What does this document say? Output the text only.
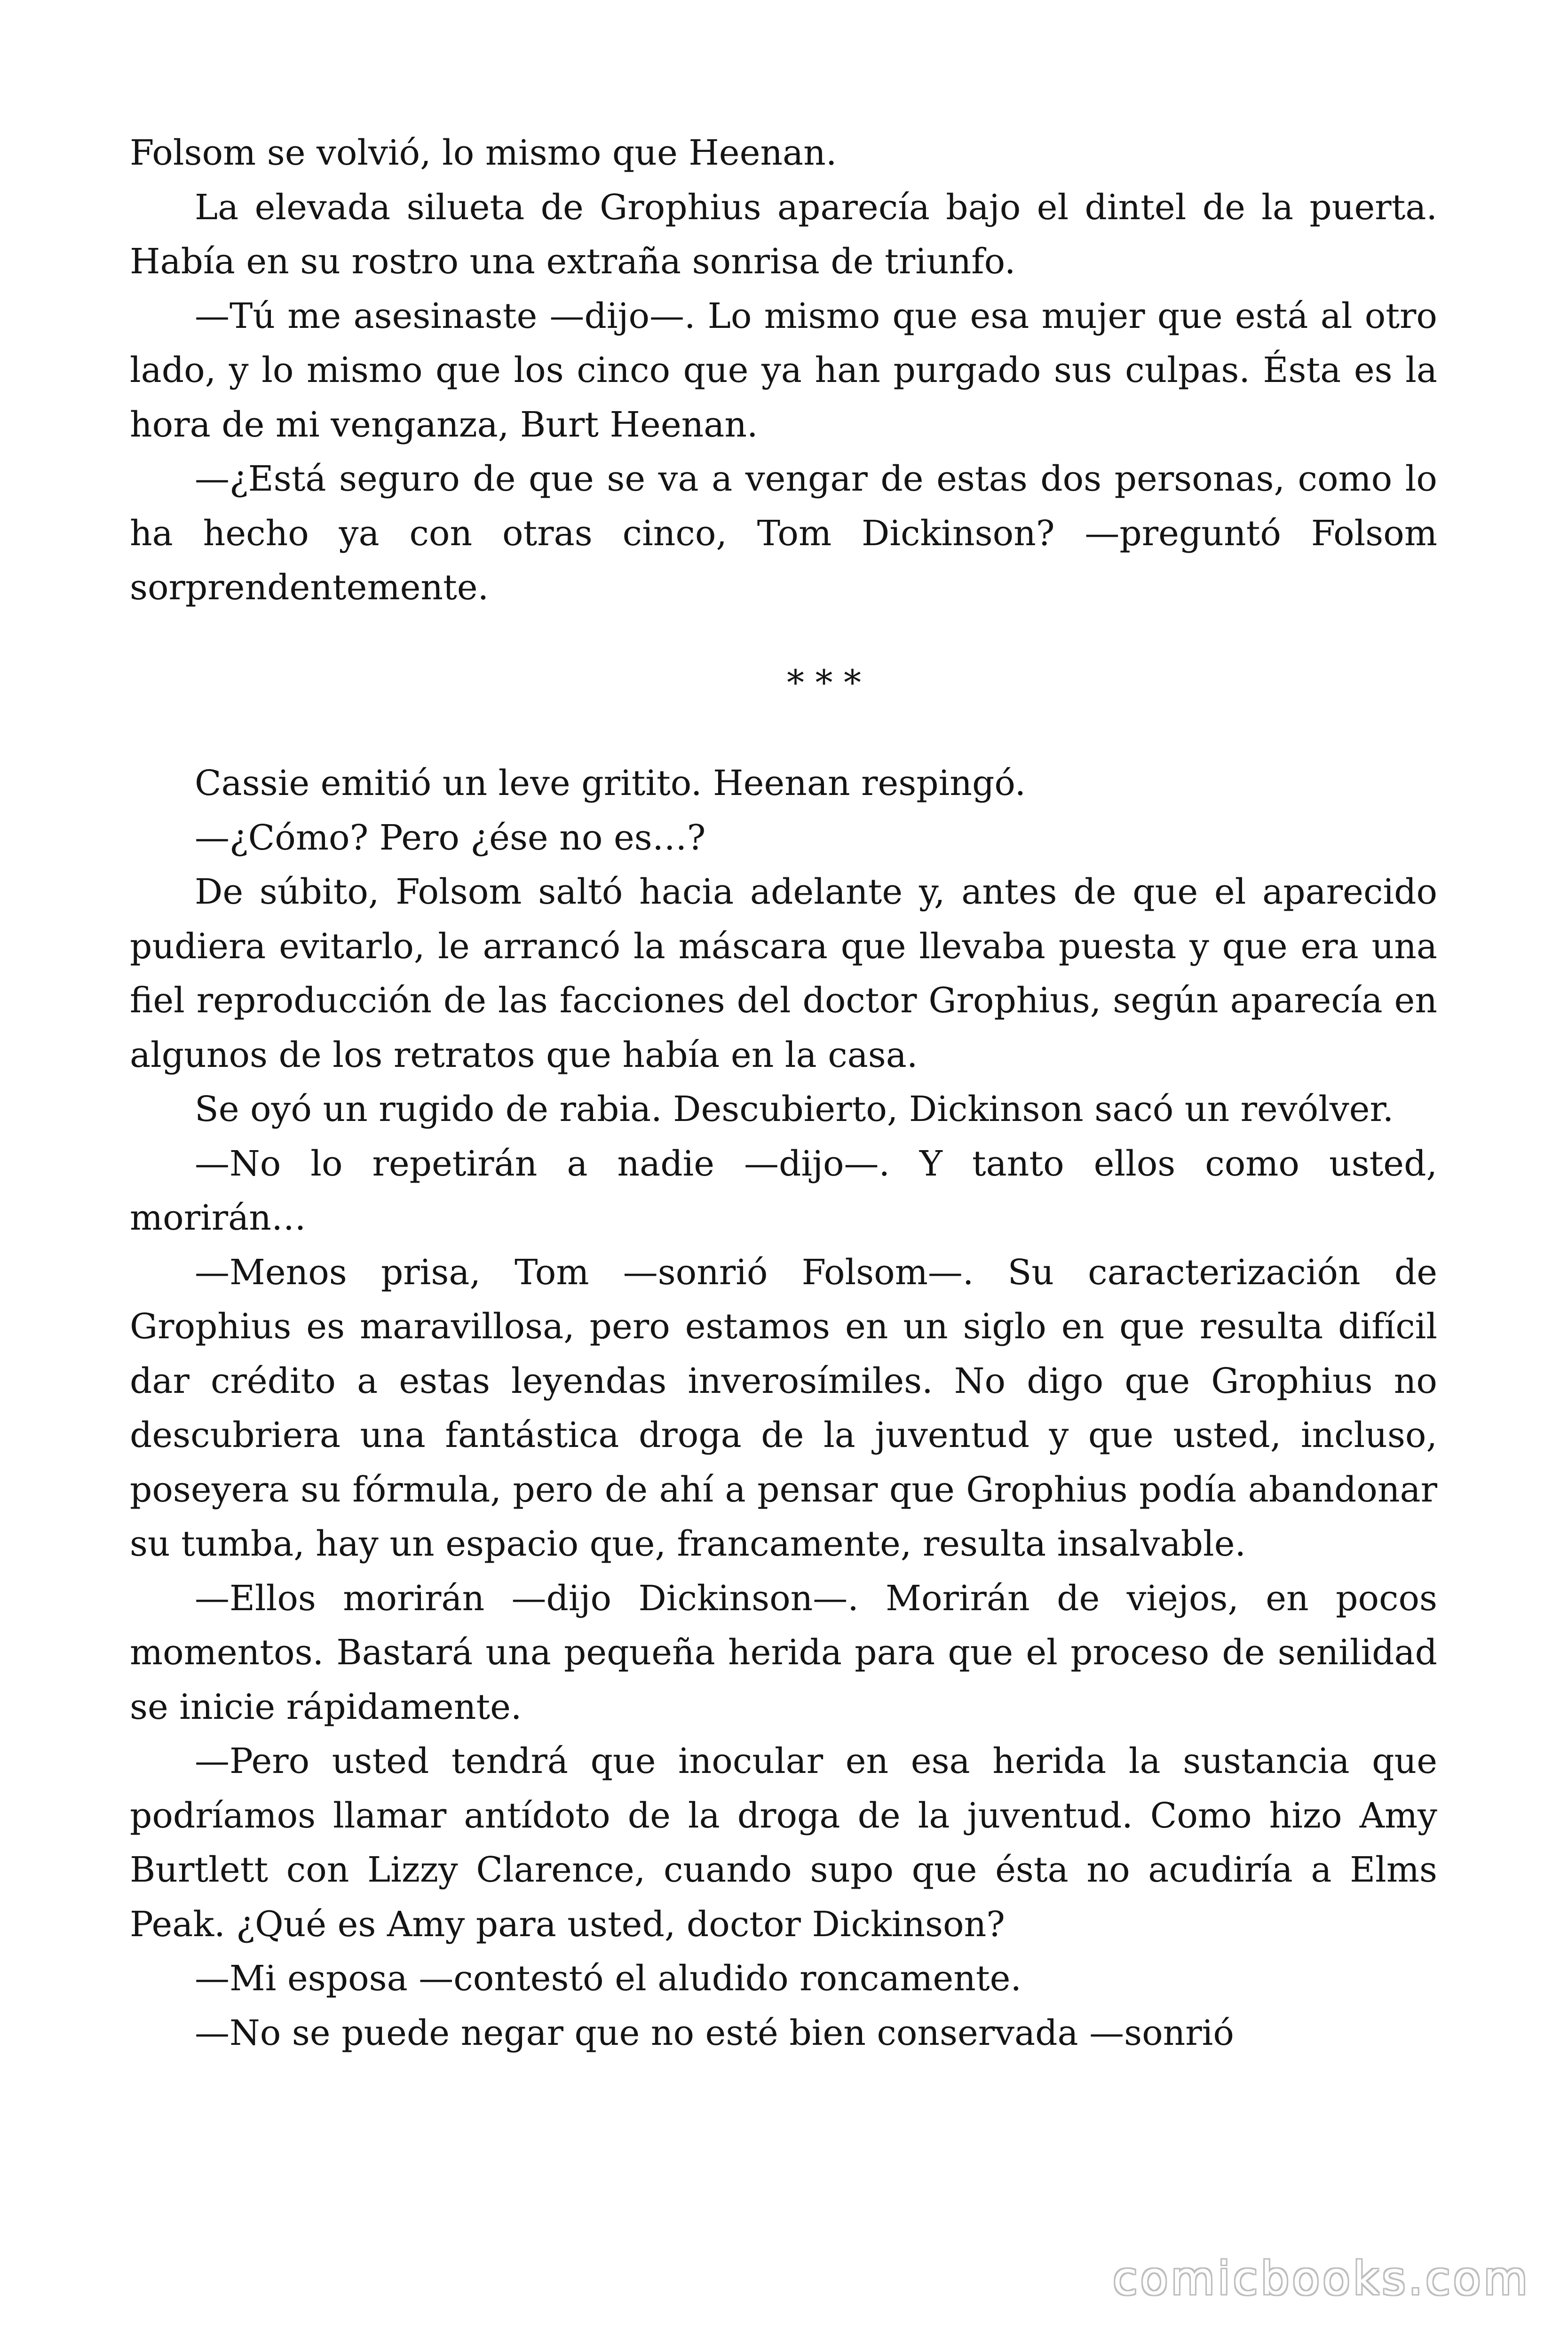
Folsom se volvió, lo mismo que Heenan.

La elevada silueta de Grophius aparecía bajo el dintel de la puerta. Había en su rostro una extraña sonrisa de triunfo.

—Tú me asesinaste —dijo—. Lo mismo que esa mujer que está al otro lado, y lo mismo que los cinco que ya han purgado sus culpas. Ésta es la hora de mi venganza, Burt Heenan.

—¿Está seguro de que se va a vengar de estas dos personas, como lo ha hecho ya con otras cinco, Tom Dickinson? —preguntó Folsom sorprendentemente.

* * *

Cassie emitió un leve gritito. Heenan respingó.

—¿Cómo? Pero ¿ése no es…?

De súbito, Folsom saltó hacia adelante y, antes de que el aparecido pudiera evitarlo, le arrancó la máscara que llevaba puesta y que era una fiel reproducción de las facciones del doctor Grophius, según aparecía en algunos de los retratos que había en la casa.

Se oyó un rugido de rabia. Descubierto, Dickinson sacó un revólver.

—No lo repetirán a nadie —dijo—. Y tanto ellos como usted, morirán…

—Menos prisa, Tom —sonrió Folsom—. Su caracterización de Grophius es maravillosa, pero estamos en un siglo en que resulta difícil dar crédito a estas leyendas inverosímiles. No digo que Grophius no descubriera una fantástica droga de la juventud y que usted, incluso, poseyera su fórmula, pero de ahí a pensar que Grophius podía abandonar su tumba, hay un espacio que, francamente, resulta insalvable.

—Ellos morirán —dijo Dickinson—. Morirán de viejos, en pocos momentos. Bastará una pequeña herida para que el proceso de senilidad se inicie rápidamente.

—Pero usted tendrá que inocular en esa herida la sustancia que podríamos llamar antídoto de la droga de la juventud. Como hizo Amy Burtlett con Lizzy Clarence, cuando supo que ésta no acudiría a Elms Peak. ¿Qué es Amy para usted, doctor Dickinson?

—Mi esposa —contestó el aludido roncamente.

—No se puede negar que no esté bien conservada —sonrió

comicbooks.com
